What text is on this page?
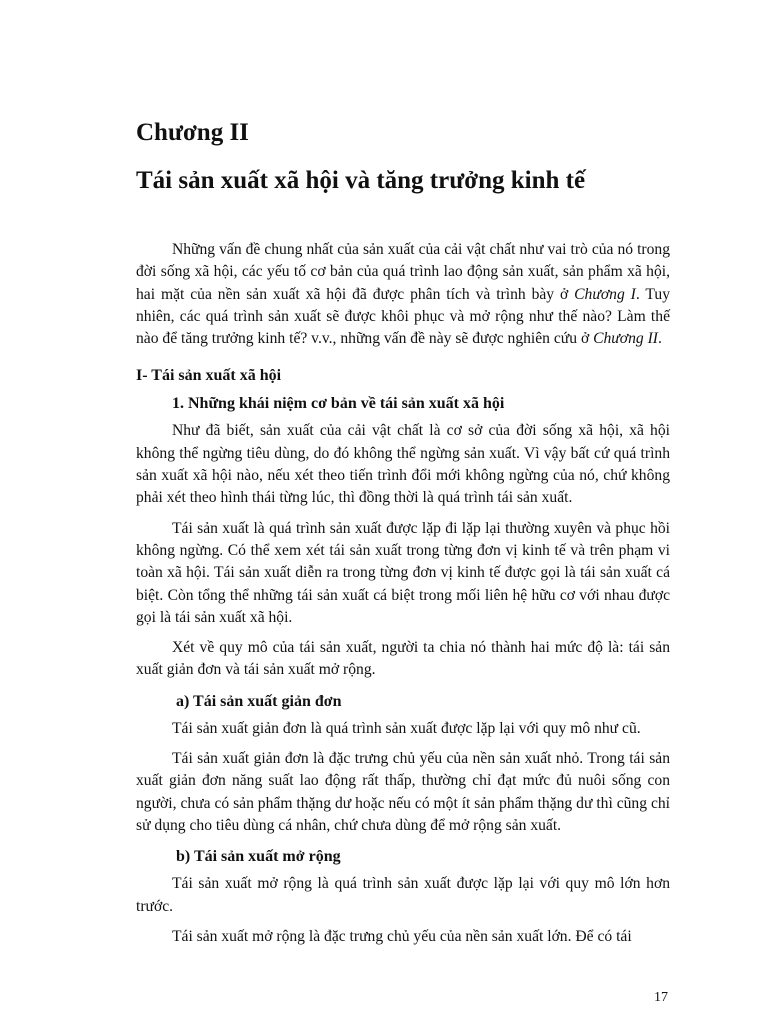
Chương II
Tái sản xuất xã hội và tăng trưởng kinh tế

Những vấn đề chung nhất của sản xuất của cải vật chất như vai trò của nó trong đời sống xã hội, các yếu tố cơ bản của quá trình lao động sản xuất, sản phẩm xã hội, hai mặt của nền sản xuất xã hội đã được phân tích và trình bày ở Chương I. Tuy nhiên, các quá trình sản xuất sẽ được khôi phục và mở rộng như thế nào? Làm thế nào để tăng trưởng kinh tế? v.v., những vấn đề này sẽ được nghiên cứu ở Chương II.

I- Tái sản xuất xã hội
1. Những khái niệm cơ bản về tái sản xuất xã hội

Như đã biết, sản xuất của cải vật chất là cơ sở của đời sống xã hội, xã hội không thể ngừng tiêu dùng, do đó không thể ngừng sản xuất. Vì vậy bất cứ quá trình sản xuất xã hội nào, nếu xét theo tiến trình đổi mới không ngừng của nó, chứ không phải xét theo hình thái từng lúc, thì đồng thời là quá trình tái sản xuất.

Tái sản xuất là quá trình sản xuất được lặp đi lặp lại thường xuyên và phục hồi không ngừng. Có thể xem xét tái sản xuất trong từng đơn vị kinh tế và trên phạm vi toàn xã hội. Tái sản xuất diễn ra trong từng đơn vị kinh tế được gọi là tái sản xuất cá biệt. Còn tổng thể những tái sản xuất cá biệt trong mối liên hệ hữu cơ với nhau được gọi là tái sản xuất xã hội.

Xét về quy mô của tái sản xuất, người ta chia nó thành hai mức độ là: tái sản xuất giản đơn và tái sản xuất mở rộng.

a) Tái sản xuất giản đơn

Tái sản xuất giản đơn là quá trình sản xuất được lặp lại với quy mô như cũ.

Tái sản xuất giản đơn là đặc trưng chủ yếu của nền sản xuất nhỏ. Trong tái sản xuất giản đơn năng suất lao động rất thấp, thường chỉ đạt mức đủ nuôi sống con người, chưa có sản phẩm thặng dư hoặc nếu có một ít sản phẩm thặng dư thì cũng chỉ sử dụng cho tiêu dùng cá nhân, chứ chưa dùng để mở rộng sản xuất.

b) Tái sản xuất mở rộng

Tái sản xuất mở rộng là quá trình sản xuất được lặp lại với quy mô lớn hơn trước.

Tái sản xuất mở rộng là đặc trưng chủ yếu của nền sản xuất lớn. Để có tái

17
